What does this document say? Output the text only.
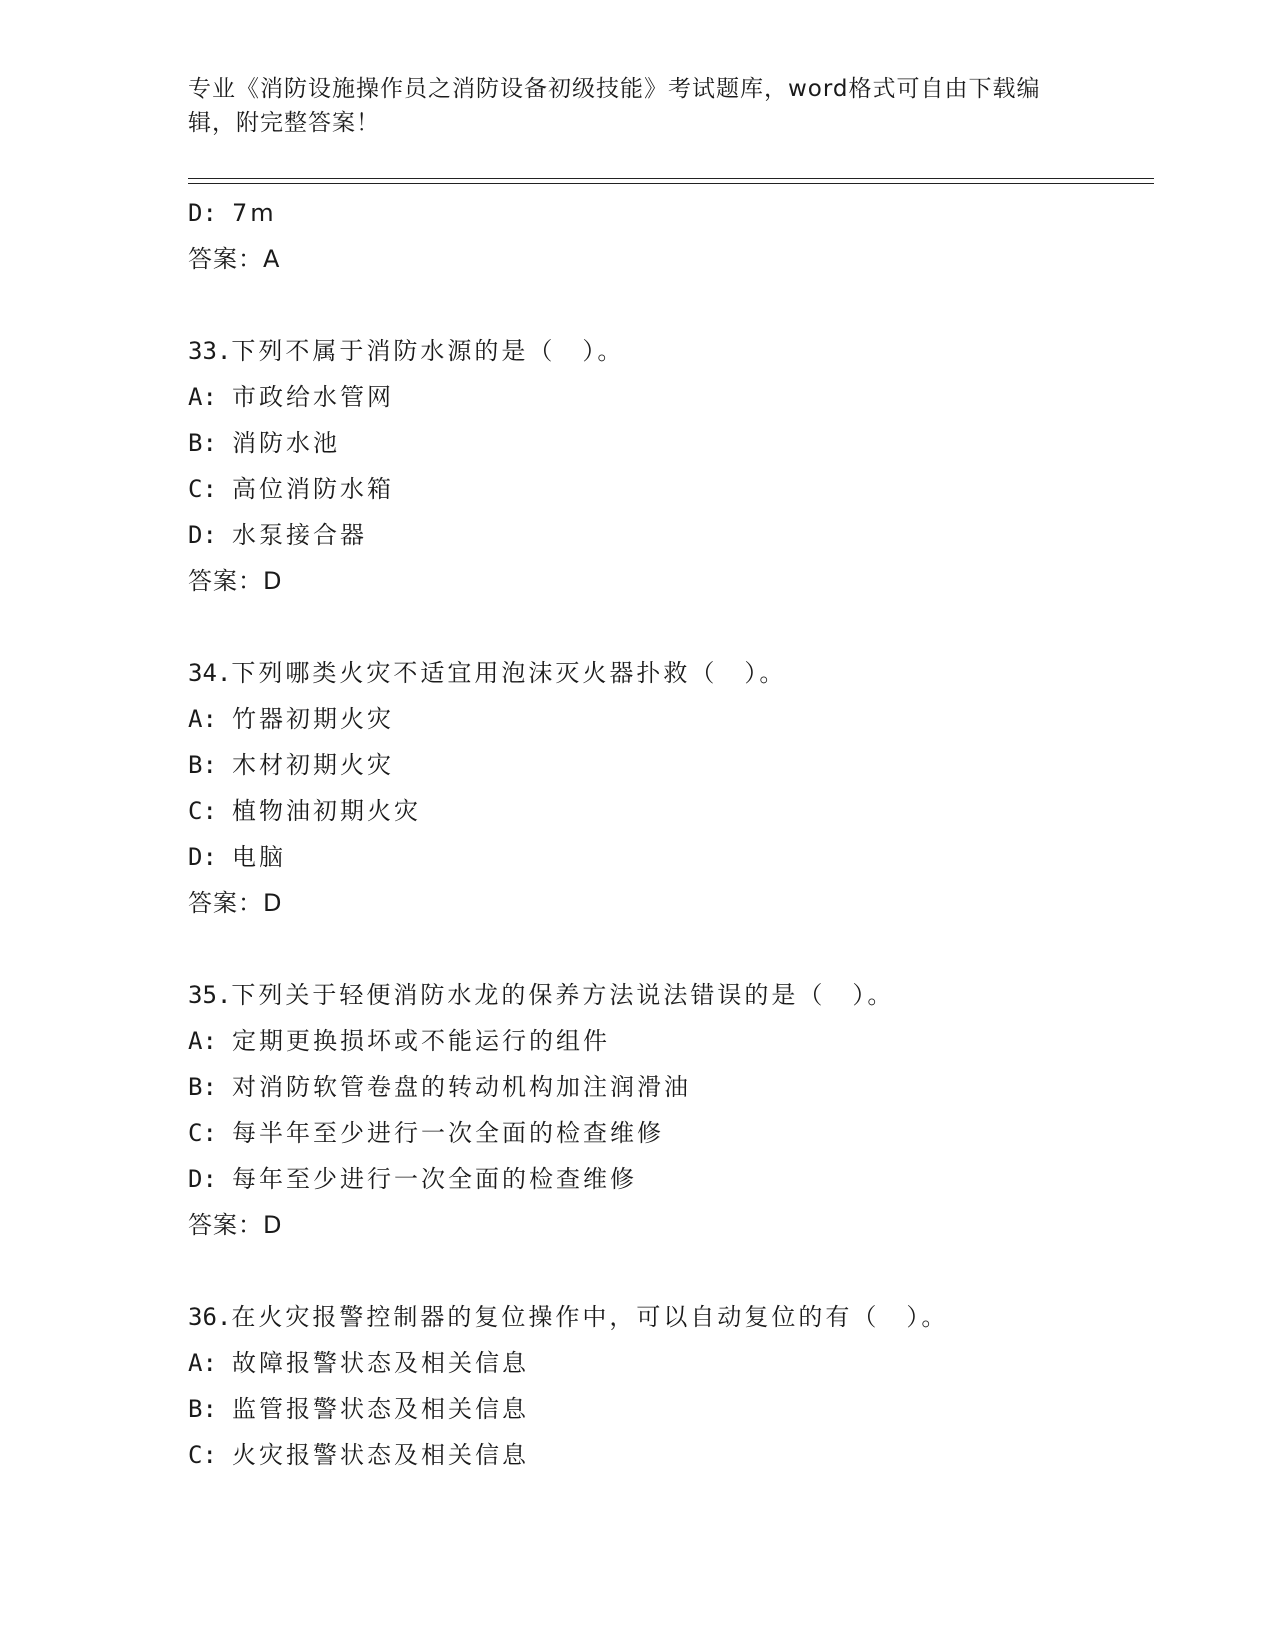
专业《消防设施操作员之消防设备初级技能》考试题库，word格式可自由下载编
辑，附完整答案！
D: 7m
答案：A
33.下列不属于消防水源的是（　）。
A: 市政给水管网
B: 消防水池
C: 高位消防水箱
D: 水泵接合器
答案：D
34.下列哪类火灾不适宜用泡沫灭火器扑救（　）。
A: 竹器初期火灾
B: 木材初期火灾
C: 植物油初期火灾
D: 电脑
答案：D
35.下列关于轻便消防水龙的保养方法说法错误的是（　）。
A: 定期更换损坏或不能运行的组件
B: 对消防软管卷盘的转动机构加注润滑油
C: 每半年至少进行一次全面的检查维修
D: 每年至少进行一次全面的检查维修
答案：D
36.在火灾报警控制器的复位操作中，可以自动复位的有（　）。
A: 故障报警状态及相关信息
B: 监管报警状态及相关信息
C: 火灾报警状态及相关信息
